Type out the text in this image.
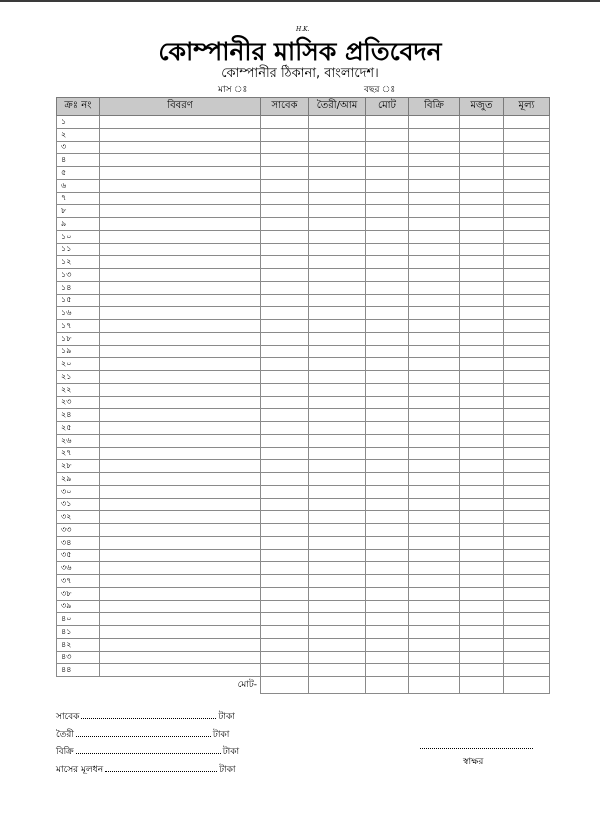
H.K.
কোম্পানীর মাসিক প্রতিবেদন
কোম্পানীর ঠিকানা, বাংলাদেশ।
মাস ঃ	বছর ঃ
ক্রঃ নং	বিবরণ	সাবেক	তৈরী/আম	মোট	বিক্রি	মজুত	মূল্য
১							
২							
৩							
৪							
৫							
৬							
৭							
৮							
৯							
১০							
১১							
১২							
১৩							
১৪							
১৫							
১৬							
১৭							
১৮							
১৯							
২০							
২১							
২২							
২৩							
২৪							
২৫							
২৬							
২৭							
২৮							
২৯							
৩০							
৩১							
৩২							
৩৩							
৩৪							
৩৫							
৩৬							
৩৭							
৩৮							
৩৯							
৪০							
৪১							
৪২							
৪৩							
৪৪							
	মোট-						
সাবেক	টাকা
তৈরী	টাকা
বিক্রি	টাকা
মাসের মূলধন	টাকা
স্বাক্ষর
